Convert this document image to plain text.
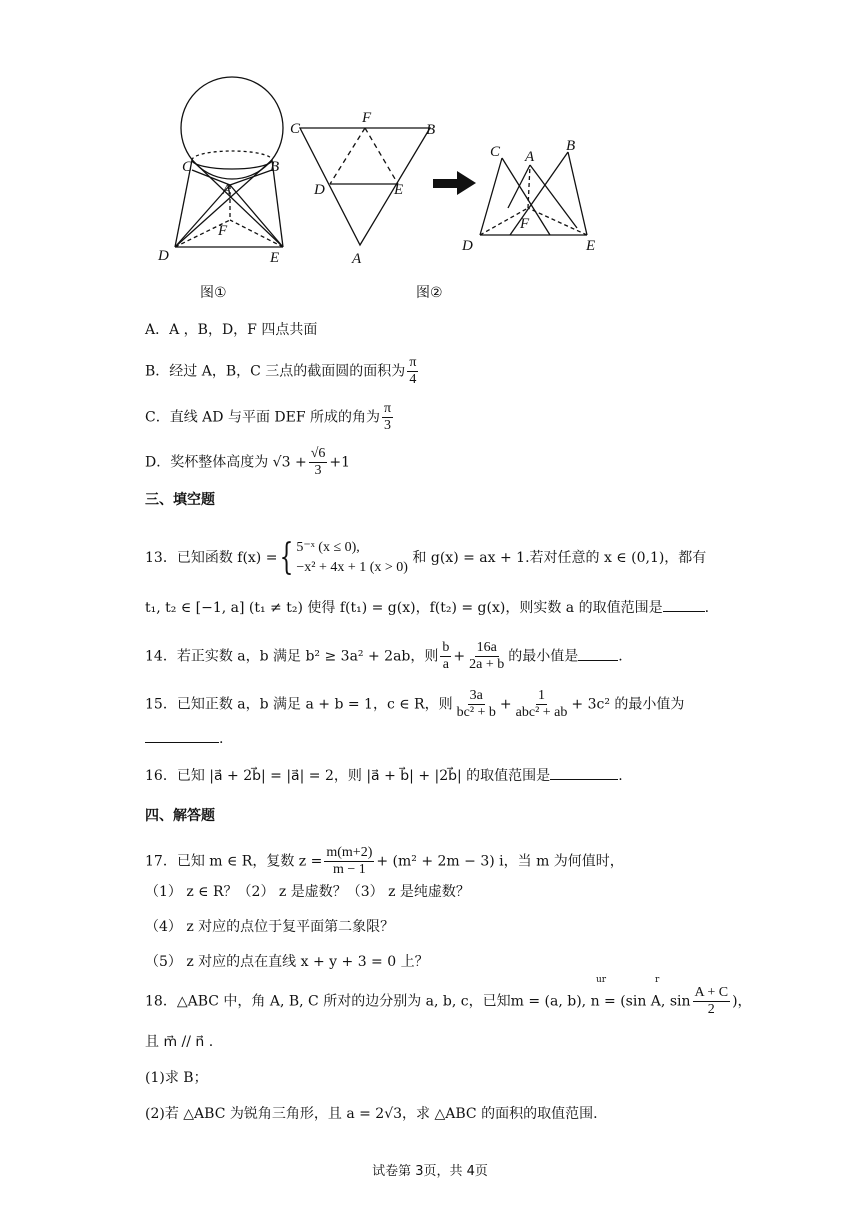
C	B
A
F
D	E
C
F
B
D	E
A
C A
B
F
D	E
图①	图②
A．A ，B，D，F 四点共面
B．经过 A，B，C 三点的截面圆的面积为 $\frac{\pi}{4}$
C．直线 AD 与平面 DEF 所成的角为 $\frac{\pi}{3}$
D．奖杯整体高度为 $√3 + \frac{√6}{3} +1$
三、填空题
13．已知函数 f(x) ={ 5⁻ˣ (x ≤ 0),
−x² + 4x + 1 (x > 0)
和 g(x) = ax + 1.若对任意的 x ∈ (0,1)，都有
t₁, t₂ ∈ [−1, a] (t₁ ≠ t₂) 使得 f(t₁) = g(x)，f(t₂) = g(x)，则实数 a 的取值范围是	.
14．若正实数 a，b 满足 b² ≥ 3a² + 2ab，则 $\frac{b}{a} + \frac{16a}{2a + b}$ 的最小值是	.
15．已知正数 a，b 满足 a + b = 1，c ∈ R，则 $\frac{3a}{\text{bc² + b}} + \frac{1}{\text{abc² + ab}} + 3c^2$ 的最小值为
.
16．已知 |a⃗ + 2b⃗| = |a⃗| = 2，则 |a⃗ + b⃗| + |2b⃗| 的取值范围是	.
四、解答题
17．已知 m ∈ R，复数 $z = \frac{m(m+2)}{m - 1} + (m^2 + 2m - 3)$ i，当 m 为何值时，
（1） z ∈ R？（2） z 是虚数？（3） z 是纯虚数？
（4） z 对应的点位于复平面第二象限？
（5） z 对应的点在直线 x + y + 3 = 0 上？
18．△ABC 中，角 A, B, C 所对的边分别为 a, b, c，已知m = (a, b), n = (sin A, $\sin \frac{A + C}{2}$ )，
ur	r
且 m⃗ // n⃗ .
(1)求 B；
(2)若 △ABC 为锐角三角形，且 a = 2√3，求 △ABC 的面积的取值范围.
试卷第 3页，共 4页
